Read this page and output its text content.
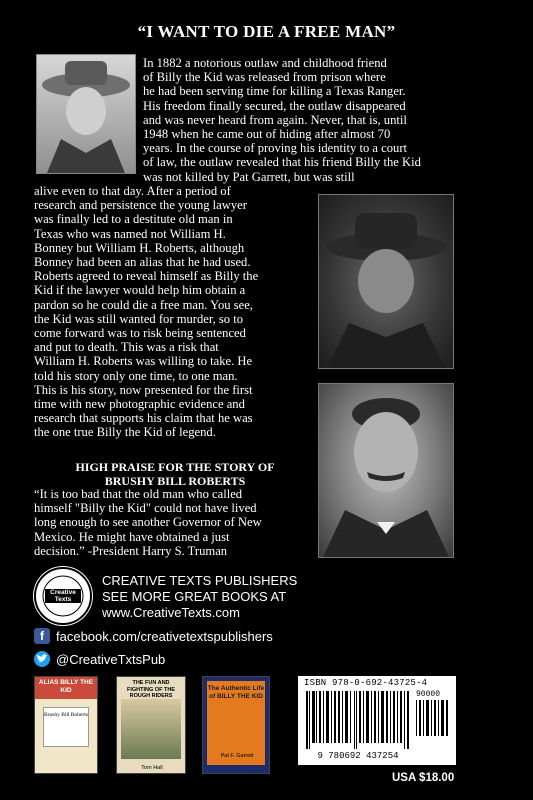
“I WANT TO DIE A FREE MAN”
In 1882 a notorious outlaw and childhood friend
of Billy the Kid was released from prison where
he had been serving time for killing a Texas Ranger.
His freedom finally secured, the outlaw disappeared
and was never heard from again. Never, that is, until
1948 when he came out of hiding after almost 70
years. In the course of proving his identity to a court
of law, the outlaw revealed that his friend Billy the Kid
was not killed by Pat Garrett, but was still
alive even to that day. After a period of
research and persistence the young lawyer
was finally led to a destitute old man in
Texas who was named not William H.
Bonney but William H. Roberts, although
Bonney had been an alias that he had used.
Roberts agreed to reveal himself as Billy the
Kid if the lawyer would help him obtain a
pardon so he could die a free man. You see,
the Kid was still wanted for murder, so to
come forward was to risk being sentenced
and put to death. This was a risk that
William H. Roberts was willing to take. He
told his story only one time, to one man.
This is his story, now presented for the first
time with new photographic evidence and
research that supports his claim that he was
the one true Billy the Kid of legend.
HIGH PRAISE FOR THE STORY OF
BRUSHY BILL ROBERTS
“It is too bad that the old man who called
himself "Billy the Kid" could not have lived
long enough to see another Governor of New
Mexico. He might have obtained a just
decision.” -President Harry S. Truman
Creative Texts
CREATIVE TEXTS PUBLISHERS
SEE MORE GREAT BOOKS AT
www.CreativeTexts.com
f facebook.com/creativetextspublishers
@CreativeTxtsPub
ALIAS BILLY THE KID
Brushy Bill Roberts
THE FUN AND FIGHTING OF THE ROUGH RIDERS
Tom Hall
The Authentic Life of BILLY THE KID
Pat F. Garrett
ISBN 978-0-692-43725-4
90000
9 780692 437254
USA $18.00
